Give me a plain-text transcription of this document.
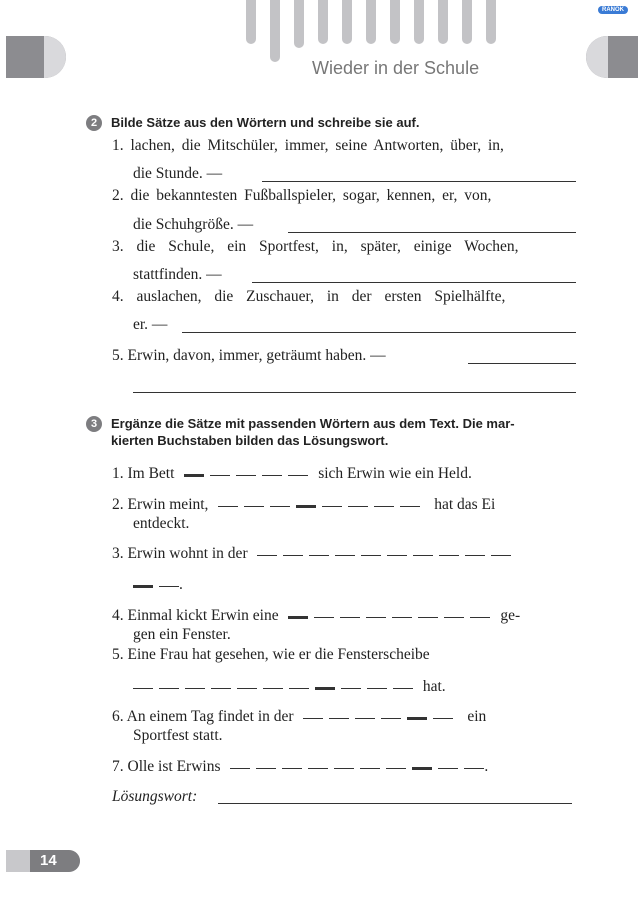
Wieder in der Schule
RANOK
2	Bilde Sätze aus den Wörtern und schreibe sie auf.
1. lachen, die Mitschüler, immer, seine Antworten, über, in,
die Stunde. —
2. die bekanntesten Fußballspieler, sogar, kennen, er, von,
die Schuhgröße. —
3. die Schule, ein Sportfest, in, später, einige Wochen,
stattfinden. —
4. auslachen, die Zuschauer, in der ersten Spielhälfte,
er. —
5. Erwin, davon, immer, geträumt haben. —
3	Ergänze die Sätze mit passenden Wörtern aus dem Text. Die mar-
kierten Buchstaben bilden das Lösungswort.
1. Im Bett	sich Erwin wie ein Held.
2. Erwin meint,	hat das Ei
entdeckt.
3. Erwin wohnt in der
.
4. Einmal kickt Erwin eine	ge-
gen ein Fenster.
5. Eine Frau hat gesehen, wie er die Fensterscheibe
hat.
6. An einem Tag findet in der	ein
Sportfest statt.
7. Olle ist Erwins	.
Lösungswort:
14
